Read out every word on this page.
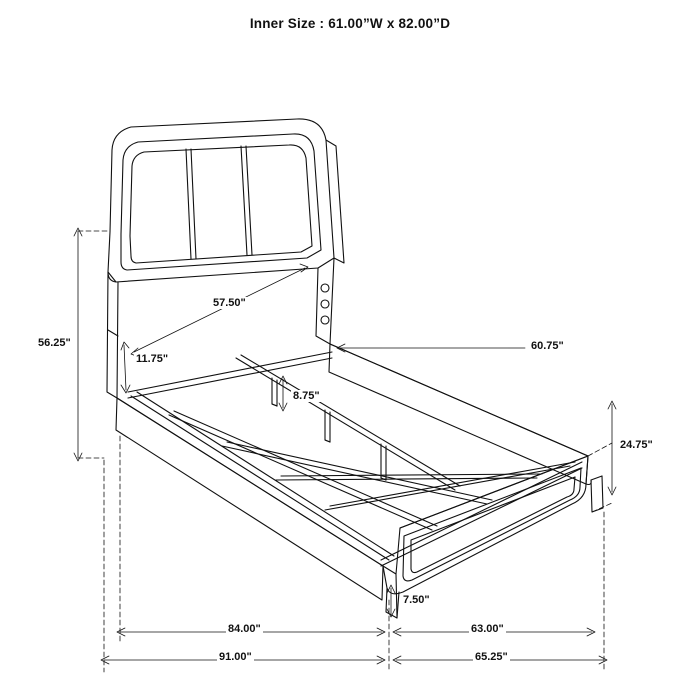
Inner Size : 61.00”W x 82.00”D
56.25"
57.50"
11.75"
8.75"
60.75"
24.75"
7.50"
84.00"	63.00"
91.00"	65.25"
